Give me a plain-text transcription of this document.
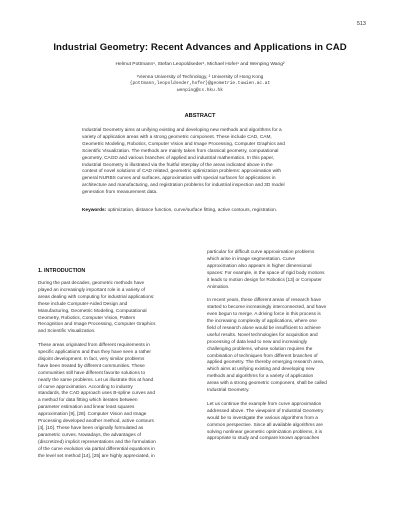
513
Industrial Geometry: Recent Advances and Applications in CAD
Helmut Pottmann¹, Stefan Leopoldseder¹, Michael Hofer¹ and Wenping Wang²
¹Vienna University of Technology, ² University of Hong Kong
{pottmann,leopoldseder,hofer}@geometrie.tuwien.ac.at
wenping@cs.hku.hk
ABSTRACT
Industrial Geometry aims at unifying existing and developing new methods and algorithms for a
variety of application areas with a strong geometric component. These include CAD, CAM,
Geometric Modeling, Robotics, Computer Vision and Image Processing, Computer Graphics and
Scientific Visualization. The methods are mainly taken from classical geometry, computational
geometry, CAGD and various branches of applied and industrial mathematics. In this paper,
Industrial Geometry is illustrated via the fruitful interplay of the areas indicated above in the
context of novel solutions of CAD related, geometric optimization problems: approximation with
general NURBS curves and surfaces, approximation with special surfaces for applications in
architecture and manufacturing, and registration problems for industrial inspection and 3D model
generation from measurement data.
Keywords: optimization, distance function, curve/surface fitting, active contours, registration.
1. INTRODUCTION
During the past decades, geometric methods have
played an increasingly important role in a variety of
areas dealing with computing for industrial applications:
these include Computer-Aided Design and
Manufacturing, Geometric Modeling, Computational
Geometry, Robotics, Computer Vision, Pattern
Recognition and Image Processing, Computer Graphics
and Scientific Visualization.
These areas originated from different requirements in
specific applications and thus they have seen a rather
disjoint development. In fact, very similar problems
have been treated by different communities. These
communities still have different favorite solutions to
nearly the same problems. Let us illustrate this at hand
of curve approximation. According to industry
standards, the CAD approach uses B-spline curves and
a method for data fitting which iterates between
parameter estimation and linear least squares
approximation [9], [28]. Computer Vision and Image
Processing developed another method, active contours
[4], [10]. These have been originally formulated as
parametric curves. Nowadays, the advantages of
(discretized) implicit representations and the formulation
of the curve evolution via partial differential equations in
the level set method [14], [25] are highly appreciated, in
particular for difficult curve approximation problems
which arise in image segmentation. Curve
approximation also appears in higher dimensional
spaces: For example, in the space of rigid body motions
it leads to motion design for Robotics [13] or Computer
Animation.
In recent years, these different areas of research have
started to become increasingly interconnected, and have
even begun to merge. A driving force in this process is
the increasing complexity of applications, where one
field of research alone would be insufficient to achieve
useful results. Novel technologies for acquisition and
processing of data lead to new and increasingly
challenging problems, whose solution requires the
combination of techniques from different branches of
applied geometry. The thereby emerging research area,
which aims at unifying existing and developing new
methods and algorithms for a variety of application
areas with a strong geometric component, shall be called
Industrial Geometry.
Let us continue the example from curve approximation
addressed above. The viewpoint of Industrial Geometry
would be to investigate the various algorithms from a
common perspective. Since all available algorithms are
solving nonlinear geometric optimization problems, it is
appropriate to study and compare known approaches
